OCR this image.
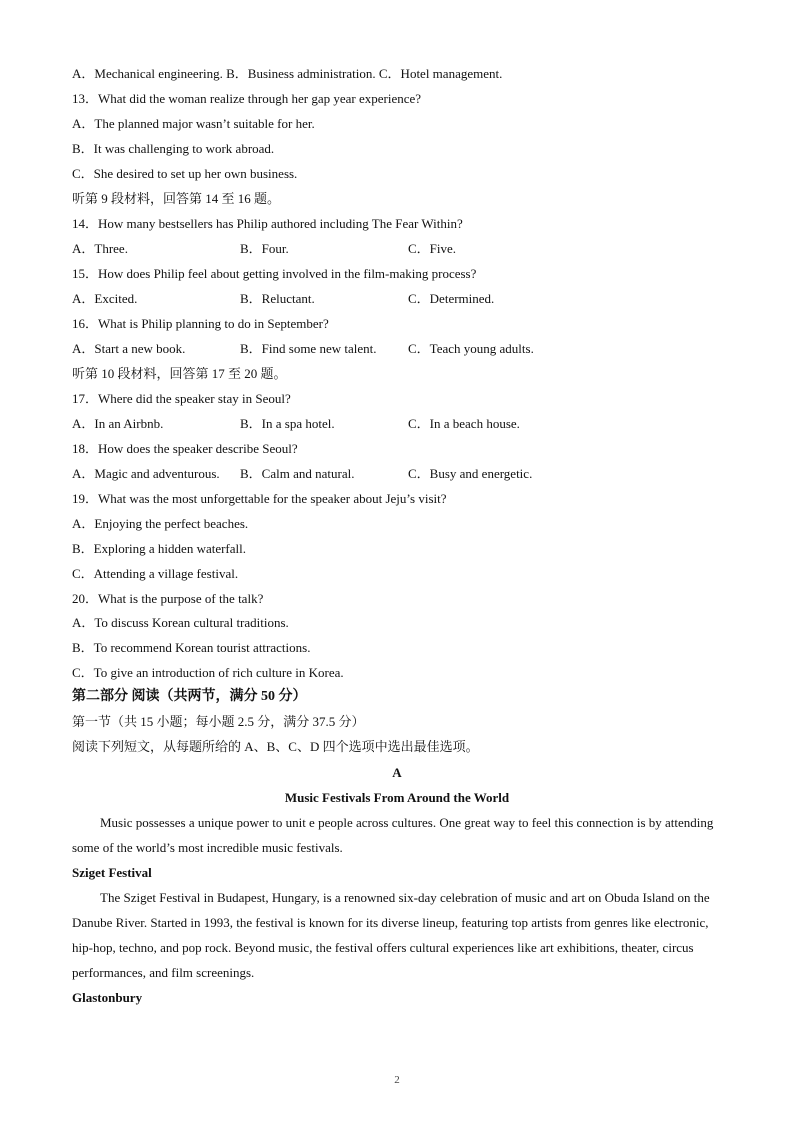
A．Mechanical engineering. B．Business administration. C．Hotel management.
13．What did the woman realize through her gap year experience?
A．The planned major wasn’t suitable for her.
B．It was challenging to work abroad.
C．She desired to set up her own business.
听第 9 段材料，回答第 14 至 16 题。
14．How many bestsellers has Philip authored including The Fear Within?
A．Three.	B．Four.	C．Five.
15．How does Philip feel about getting involved in the film-making process?
A．Excited.	B．Reluctant.	C．Determined.
16．What is Philip planning to do in September?
A．Start a new book.	B．Find some new talent. C．Teach young adults.
听第 10 段材料，回答第 17 至 20 题。
17．Where did the speaker stay in Seoul?
A．In an Airbnb.	B．In a spa hotel.	C．In a beach house.
18．How does the speaker describe Seoul?
A．Magic and adventurous. B．Calm and natural.	C．Busy and energetic.
19．What was the most unforgettable for the speaker about Jeju’s visit?
A．Enjoying the perfect beaches.
B．Exploring a hidden waterfall.
C．Attending a village festival.
20．What is the purpose of the talk?
A．To discuss Korean cultural traditions.
B．To recommend Korean tourist attractions.
C．To give an introduction of rich culture in Korea.
第二部分 阅读（共两节，满分 50 分）
第一节（共 15 小题；每小题 2.5 分，满分 37.5 分）
阅读下列短文，从每题所给的 A、B、C、D 四个选项中选出最佳选项。
A
Music Festivals From Around the World
Music possesses a unique power to unit e people across cultures. One great way to feel this connection is by attending some of the world’s most incredible music festivals.
Sziget Festival
The Sziget Festival in Budapest, Hungary, is a renowned six-day celebration of music and art on Obuda Island on the Danube River. Started in 1993, the festival is known for its diverse lineup, featuring top artists from genres like electronic, hip-hop, techno, and pop rock. Beyond music, the festival offers cultural experiences like art exhibitions, theater, circus performances, and film screenings.
Glastonbury
2
